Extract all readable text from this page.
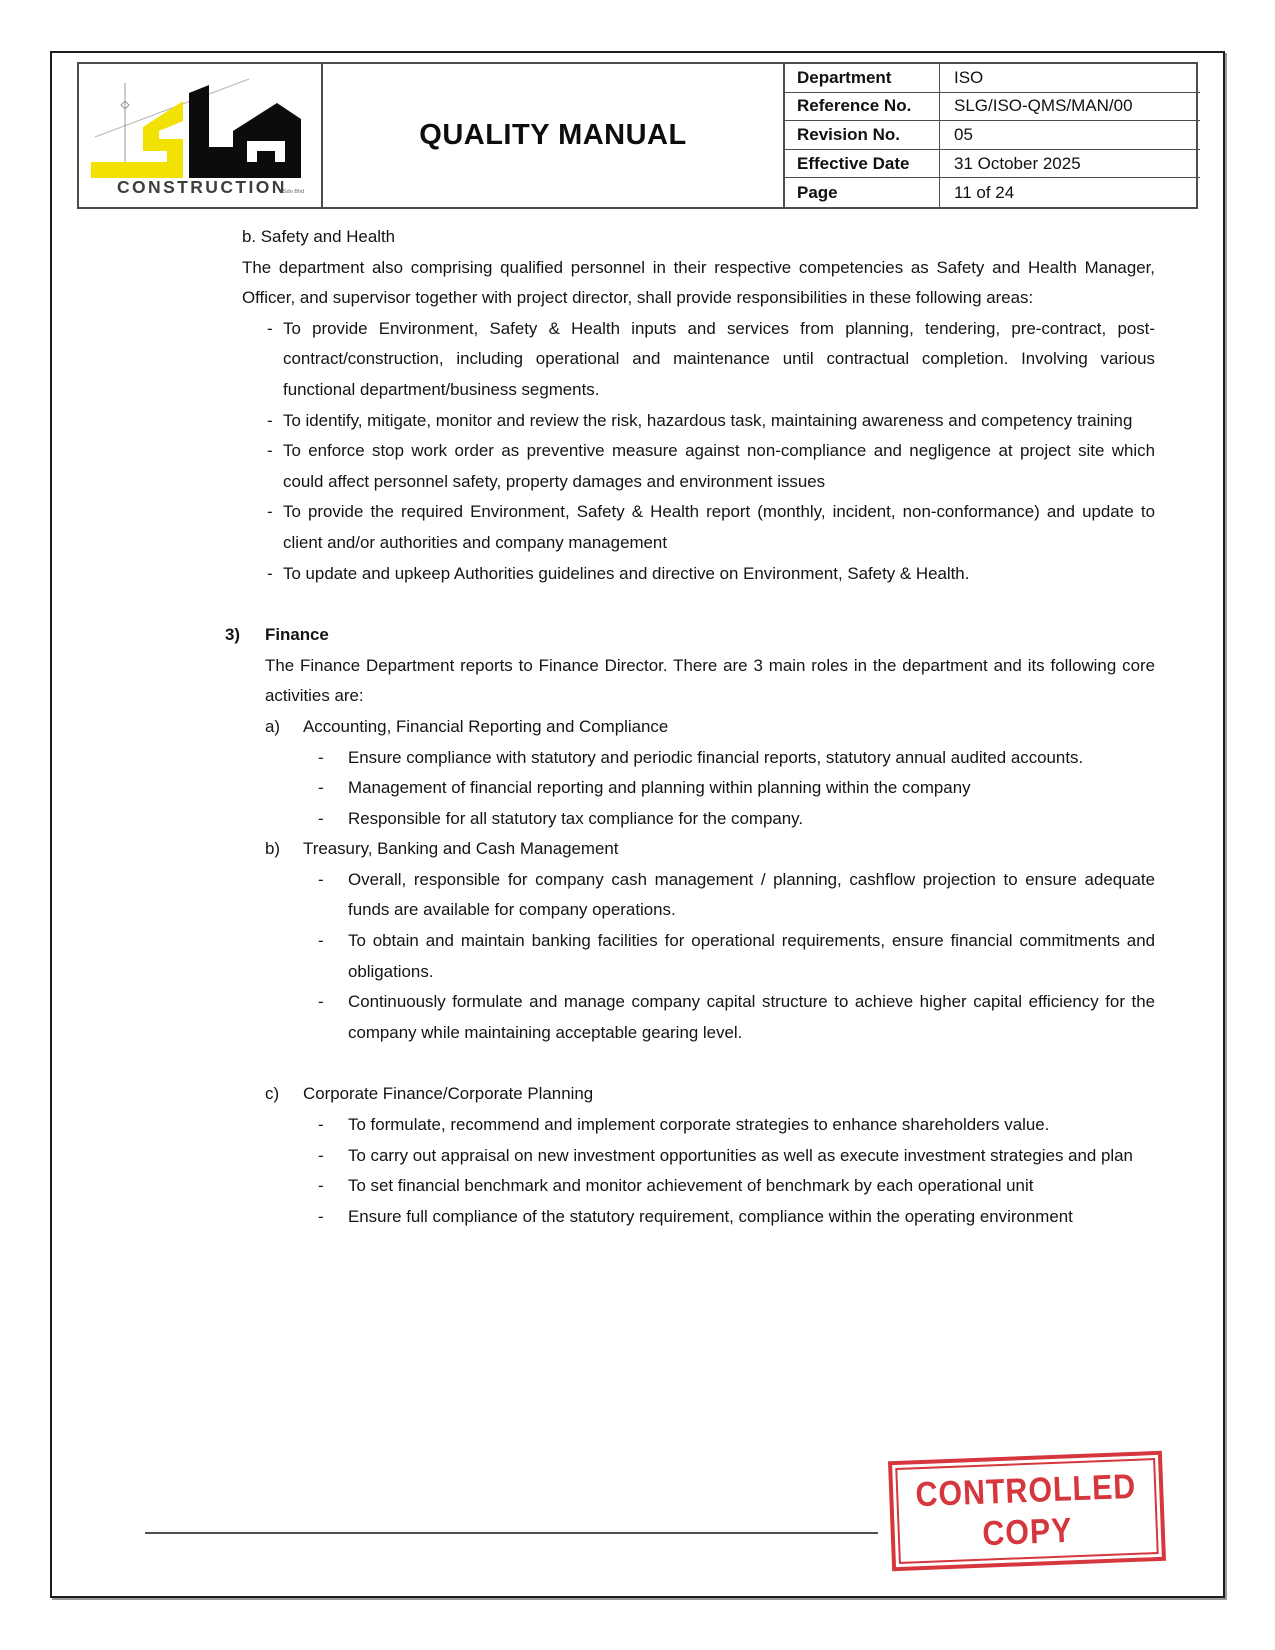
CONSTRUCTION
Sdn Bhd
QUALITY MANUAL
Department	ISO
Reference No.	SLG/ISO-QMS/MAN/00
Revision No.	05
Effective Date	31 October 2025
Page	11 of 24
b. Safety and Health
The department also comprising qualified personnel in their respective competencies as Safety and Health Manager, Officer, and supervisor together with project director, shall provide responsibilities in these following areas:
- To provide Environment, Safety & Health inputs and services from planning, tendering, pre-contract, post-contract/construction, including operational and maintenance until contractual completion. Involving various functional department/business segments.
- To identify, mitigate, monitor and review the risk, hazardous task, maintaining awareness and competency training
- To enforce stop work order as preventive measure against non-compliance and negligence at project site which could affect personnel safety, property damages and environment issues
- To provide the required Environment, Safety & Health report (monthly, incident, non-conformance) and update to client and/or authorities and company management
- To update and upkeep Authorities guidelines and directive on Environment, Safety & Health.
3) Finance
The Finance Department reports to Finance Director. There are 3 main roles in the department and its following core activities are:
a) Accounting, Financial Reporting and Compliance
- Ensure compliance with statutory and periodic financial reports, statutory annual audited accounts.
- Management of financial reporting and planning within planning within the company
- Responsible for all statutory tax compliance for the company.
b) Treasury, Banking and Cash Management
- Overall, responsible for company cash management / planning, cashflow projection to ensure adequate funds are available for company operations.
- To obtain and maintain banking facilities for operational requirements, ensure financial commitments and obligations.
- Continuously formulate and manage company capital structure to achieve higher capital efficiency for the company while maintaining acceptable gearing level.
c) Corporate Finance/Corporate Planning
- To formulate, recommend and implement corporate strategies to enhance shareholders value.
- To carry out appraisal on new investment opportunities as well as execute investment strategies and plan
- To set financial benchmark and monitor achievement of benchmark by each operational unit
- Ensure full compliance of the statutory requirement, compliance within the operating environment
CONTROLLED
COPY
